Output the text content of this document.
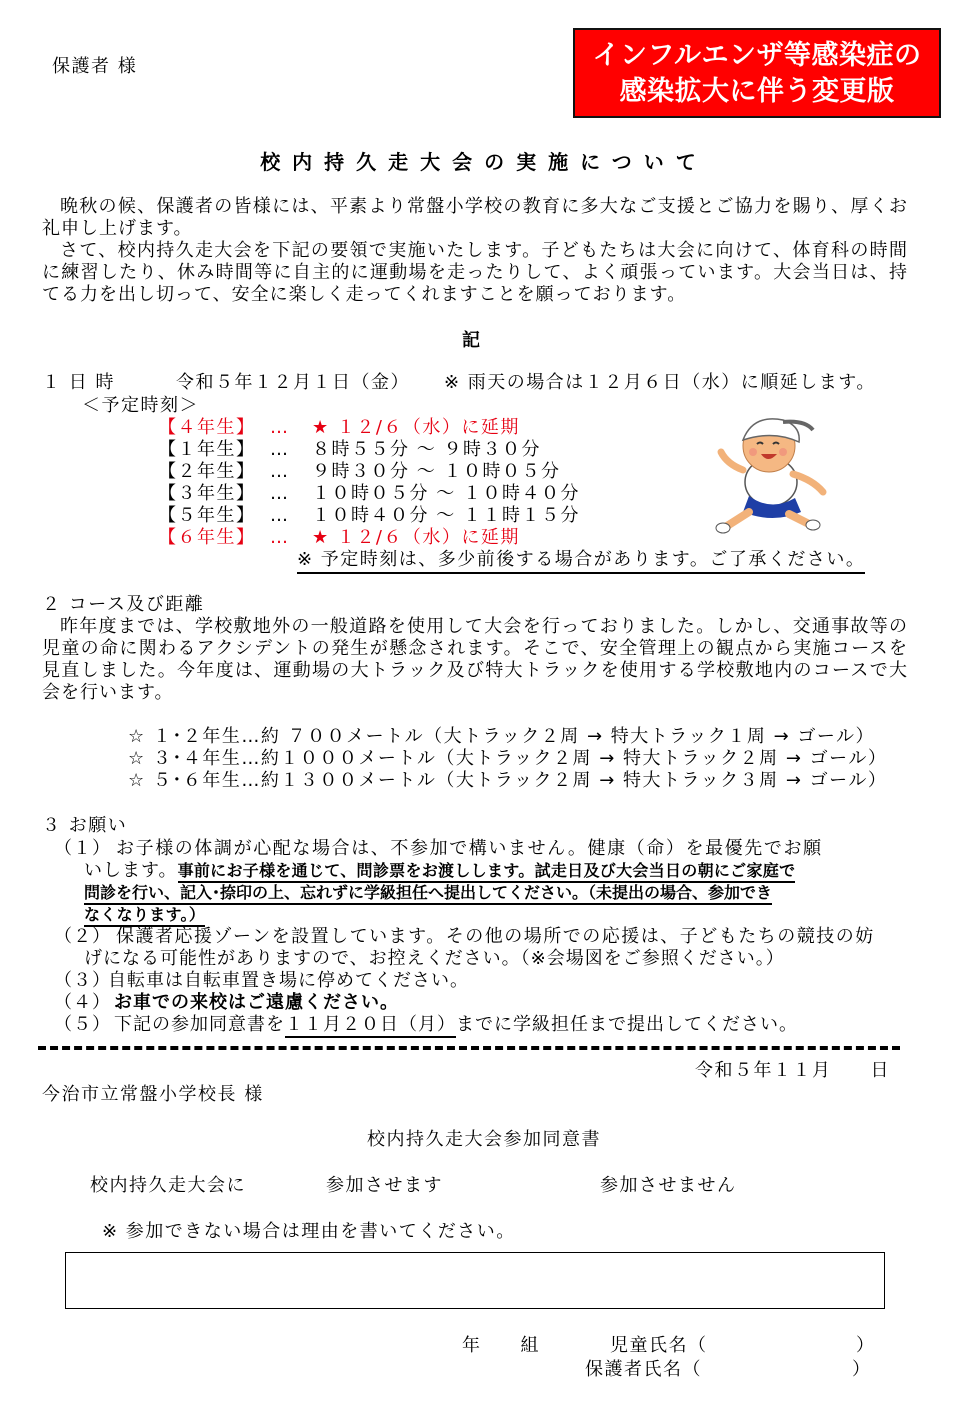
保護者 様	インフルエンザ等感染症の
感染拡大に伴う変更版
校内持久走大会の実施について
晩秋の候、保護者の皆様には、平素より常盤小学校の教育に多大なご支援とご協力を賜り、厚くお礼申し上げます。
さて、校内持久走大会を下記の要領で実施いたします。子どもたちは大会に向けて、体育科の時間に練習したり、休み時間等に自主的に運動場を走ったりして、よく頑張っています。大会当日は、持てる力を出し切って、安全に楽しく走ってくれますことを願っております。
記
１ 日 時	令和５年１２月１日（金） ※ 雨天の場合は１２月６日（水）に順延します。
＜予定時刻＞
【４年生】 … ★ １２/６（水）に延期
【１年生】 … ８時５５分 ～ ９時３０分
【２年生】 … ９時３０分 ～ １０時０５分
【３年生】 … １０時０５分 ～ １０時４０分
【５年生】 … １０時４０分 ～ １１時１５分
【６年生】 … ★ １２/６（水）に延期
※ 予定時刻は、多少前後する場合があります。ご了承ください。
２ コース及び距離
昨年度までは、学校敷地外の一般道路を使用して大会を行っておりました。しかし、交通事故等の児童の命に関わるアクシデントの発生が懸念されます。そこで、安全管理上の観点から実施コースを見直しました。今年度は、運動場の大トラック及び特大トラックを使用する学校敷地内のコースで大会を行います。
☆ １･２年生…約 ７００メートル（大トラック２周 → 特大トラック１周 → ゴール）
☆ ３･４年生…約１０００メートル（大トラック２周 → 特大トラック２周 → ゴール）
☆ ５･６年生…約１３００メートル（大トラック２周 → 特大トラック３周 → ゴール）
３ お願い
（１） お子様の体調が心配な場合は、不参加で構いません。健康（命）を最優先でお願
いします。事前にお子様を通じて、問診票をお渡しします。試走日及び大会当日の朝にご家庭で
問診を行い、記入･捺印の上、忘れずに学級担任へ提出してください。（未提出の場合、参加でき
なくなります。）
（２） 保護者応援ゾーンを設置しています。その他の場所での応援は、子どもたちの競技の妨
げになる可能性がありますので、お控えください。（※会場図をご参照ください。）
（３）
自転車は自転車置き場に停めてください。
（４） お車での来校はご遠慮ください。
（５） 下記の参加同意書を１１月２０日（月）までに学級担任まで提出してください。
令和５年１１月　　日
今治市立常盤小学校長 様
校内持久走大会参加同意書
校内持久走大会に	参加させます	参加させません
※ 参加できない場合は理由を書いてください。
年　　組	児童氏名（	）
保護者氏名（	）
